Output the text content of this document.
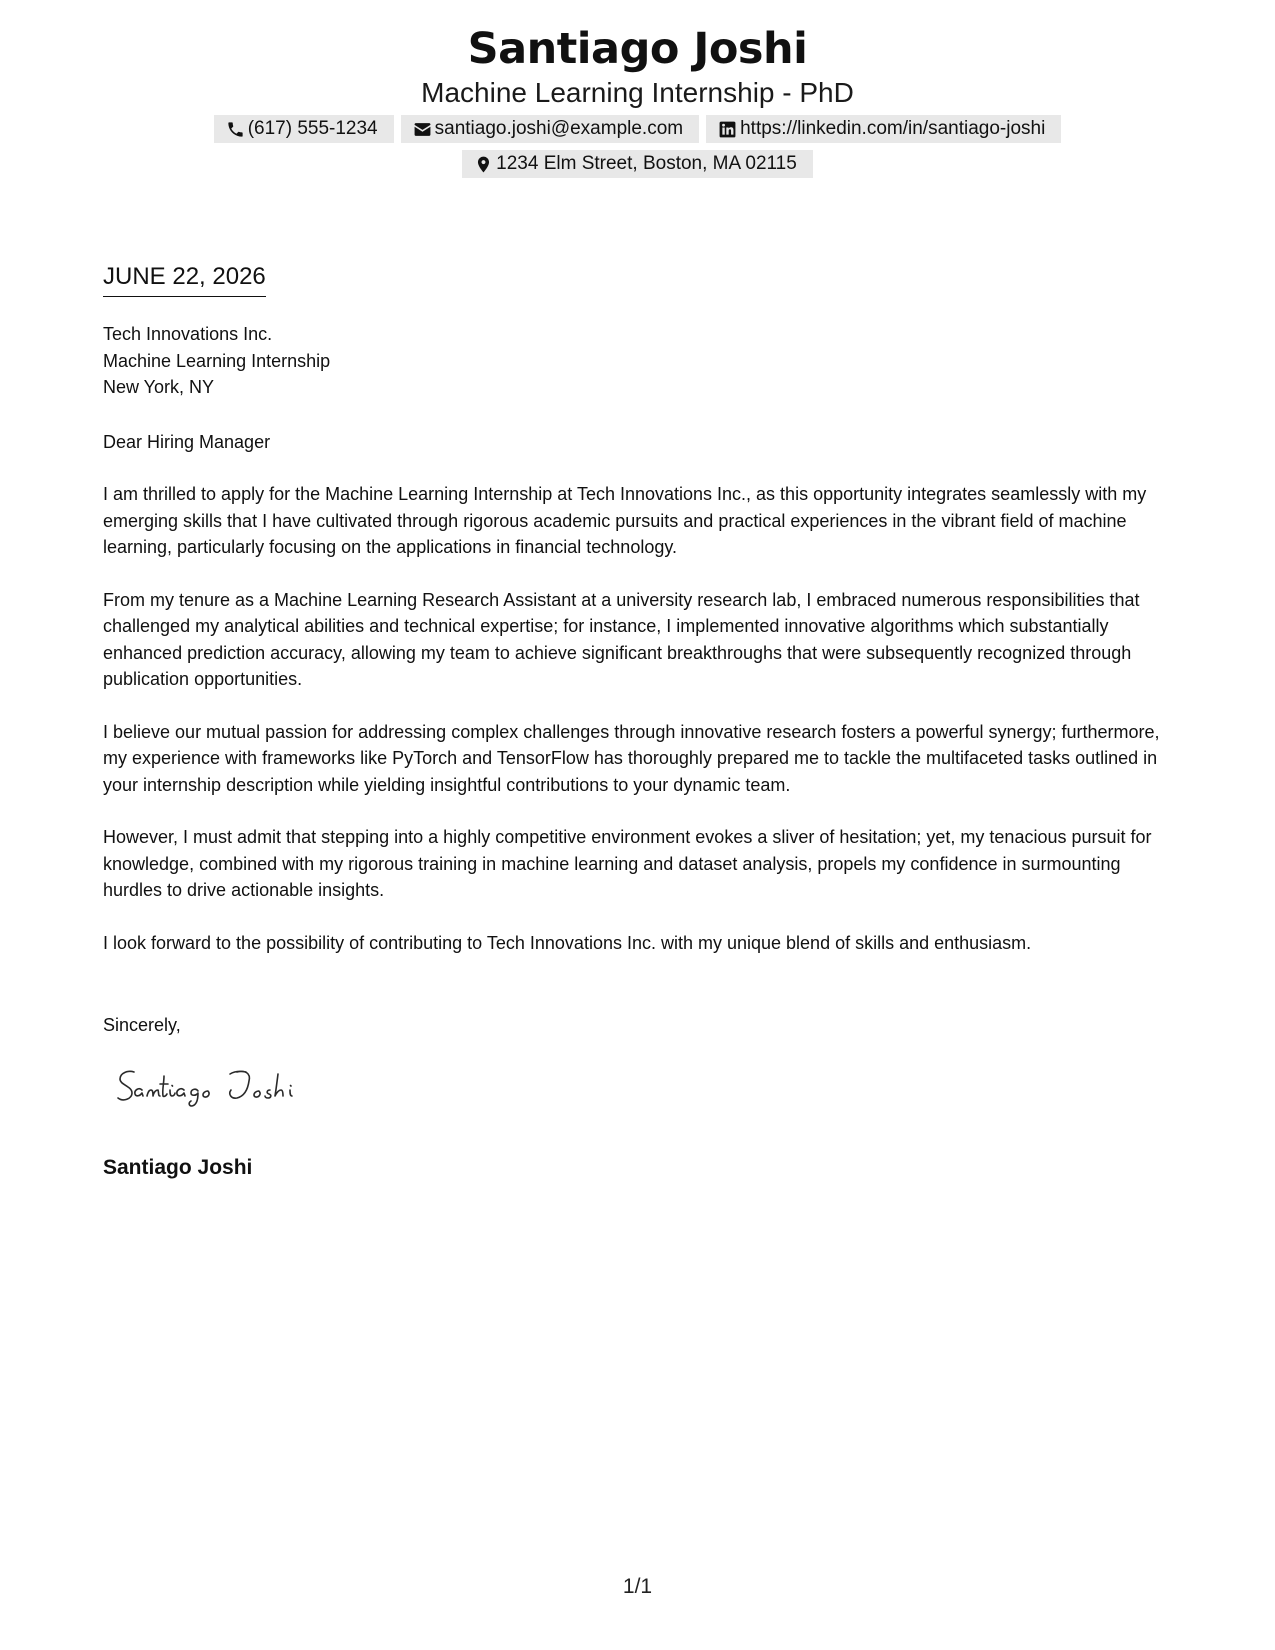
Santiago Joshi
Machine Learning Internship - PhD
(617) 555-1234	santiago.joshi@example.com	https://linkedin.com/in/santiago-joshi
1234 Elm Street, Boston, MA 02115
JUNE 22, 2026
Tech Innovations Inc.
Machine Learning Internship
New York, NY
Dear Hiring Manager
I am thrilled to apply for the Machine Learning Internship at Tech Innovations Inc., as this opportunity integrates seamlessly with my emerging skills that I have cultivated through rigorous academic pursuits and practical experiences in the vibrant field of machine learning, particularly focusing on the applications in financial technology.
From my tenure as a Machine Learning Research Assistant at a university research lab, I embraced numerous responsibilities that challenged my analytical abilities and technical expertise; for instance, I implemented innovative algorithms which substantially enhanced prediction accuracy, allowing my team to achieve significant breakthroughs that were subsequently recognized through publication opportunities.
I believe our mutual passion for addressing complex challenges through innovative research fosters a powerful synergy; furthermore, my experience with frameworks like PyTorch and TensorFlow has thoroughly prepared me to tackle the multifaceted tasks outlined in your internship description while yielding insightful contributions to your dynamic team.
However, I must admit that stepping into a highly competitive environment evokes a sliver of hesitation; yet, my tenacious pursuit for knowledge, combined with my rigorous training in machine learning and dataset analysis, propels my confidence in surmounting hurdles to drive actionable insights.
I look forward to the possibility of contributing to Tech Innovations Inc. with my unique blend of skills and enthusiasm.
Sincerely,
Santiago Joshi
1/1
